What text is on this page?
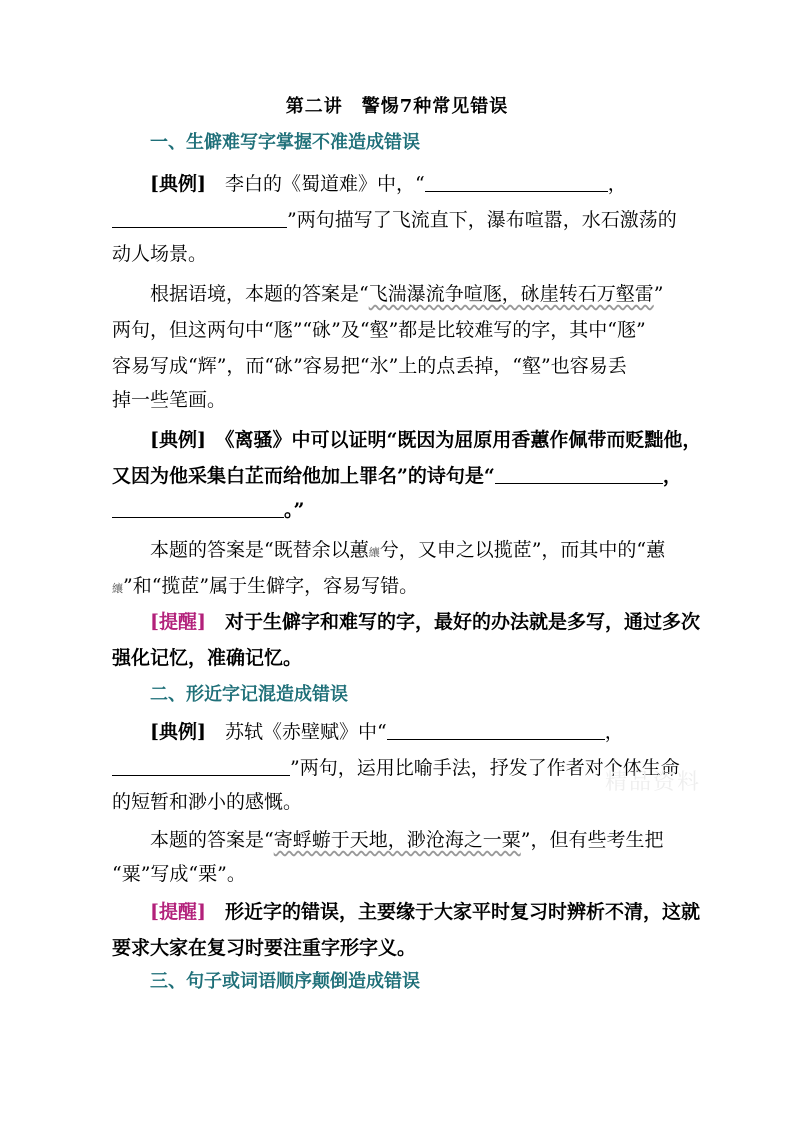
第二讲　警惕7种常见错误
一、生僻难写字掌握不准造成错误
[典例]　李白的《蜀道难》中，“	，
”两句描写了飞流直下，瀑布喧嚣，水石激荡的
动人场景。
根据语境，本题的答案是“飞湍瀑流争喧豗，砯崖转石万壑雷”
两句，但这两句中“豗”“砯”及“壑”都是比较难写的字，其中“豗”
容易写成“辉”，而“砯”容易把“氷”上的点丢掉，“壑”也容易丢
掉一些笔画。
[典例]　《离骚》中可以证明“既因为屈原用香蕙作佩带而贬黜他，
又因为他采集白芷而给他加上罪名”的诗句是“	，
。”
本题的答案是“既替余以蕙纕兮，又申之以揽茝”，而其中的“蕙
纕”和“揽茝”属于生僻字，容易写错。
[提醒]　对于生僻字和难写的字，最好的办法就是多写，通过多次
强化记忆，准确记忆。
二、形近字记混造成错误
[典例]　苏轼《赤壁赋》中“	，
”两句，运用比喻手法，抒发了作者对个体生命
的短暂和渺小的感慨。
本题的答案是“寄蜉蝣于天地，渺沧海之一粟”，但有些考生把
“粟”写成“栗”。
[提醒]　形近字的错误，主要缘于大家平时复习时辨析不清，这就
要求大家在复习时要注重字形字义。
三、句子或词语顺序颠倒造成错误
精品资料
